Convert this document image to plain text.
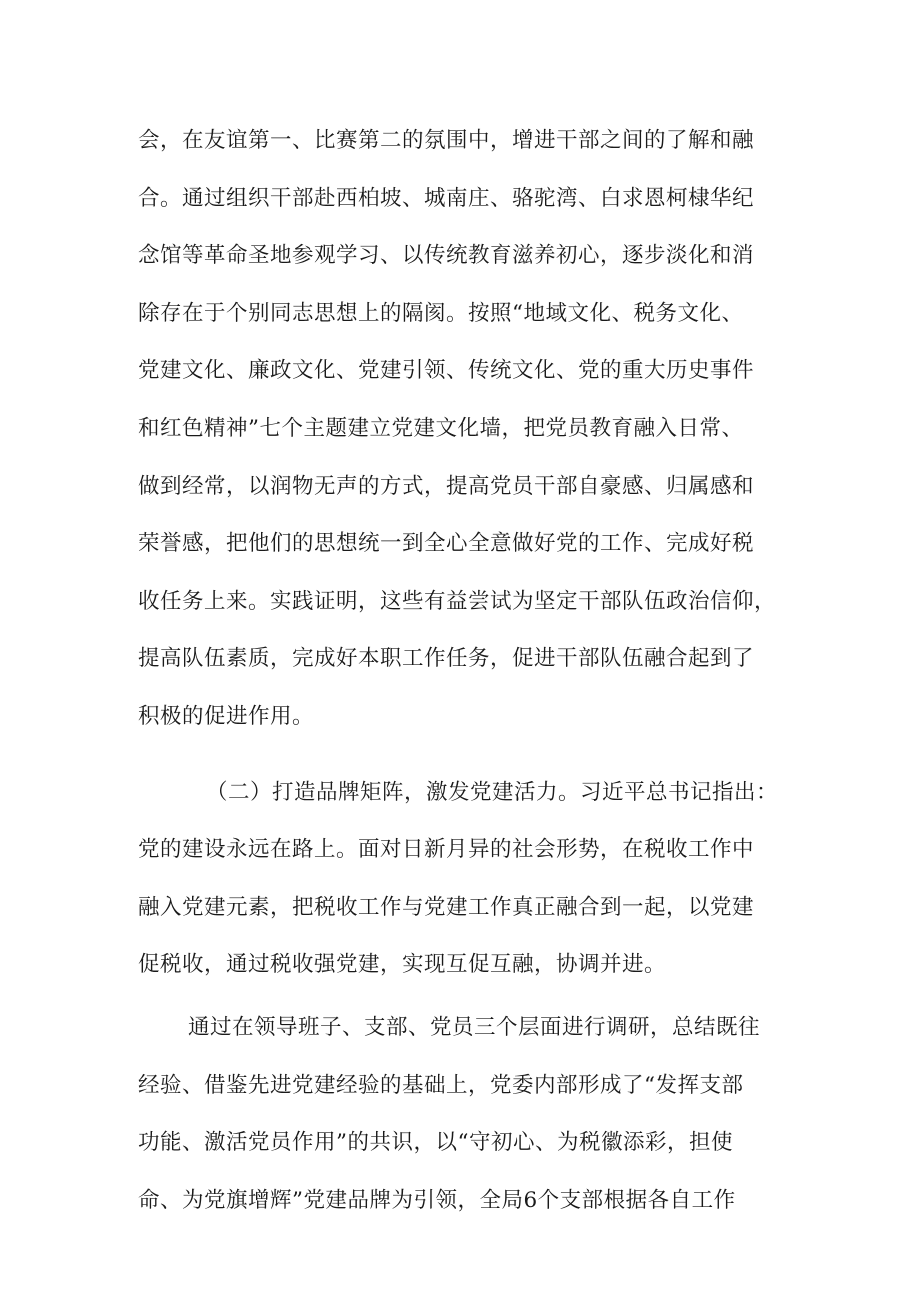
会，在友谊第一、比赛第二的氛围中，增进干部之间的了解和融
合。通过组织干部赴西柏坡、城南庄、骆驼湾、白求恩柯棣华纪
念馆等革命圣地参观学习、以传统教育滋养初心，逐步淡化和消
除存在于个别同志思想上的隔阂。按照“地域文化、税务文化、
党建文化、廉政文化、党建引领、传统文化、党的重大历史事件
和红色精神”七个主题建立党建文化墙，把党员教育融入日常、
做到经常，以润物无声的方式，提高党员干部自豪感、归属感和
荣誉感，把他们的思想统一到全心全意做好党的工作、完成好税
收任务上来。实践证明，这些有益尝试为坚定干部队伍政治信仰，
提高队伍素质，完成好本职工作任务，促进干部队伍融合起到了
积极的促进作用。
（二）打造品牌矩阵，激发党建活力。习近平总书记指出：
党的建设永远在路上。面对日新月异的社会形势，在税收工作中
融入党建元素，把税收工作与党建工作真正融合到一起，以党建
促税收，通过税收强党建，实现互促互融，协调并进。
通过在领导班子、支部、党员三个层面进行调研，总结既往
经验、借鉴先进党建经验的基础上，党委内部形成了“发挥支部
功能、激活党员作用”的共识，以“守初心、为税徽添彩，担使
命、为党旗增辉”党建品牌为引领，全局6个支部根据各自工作
